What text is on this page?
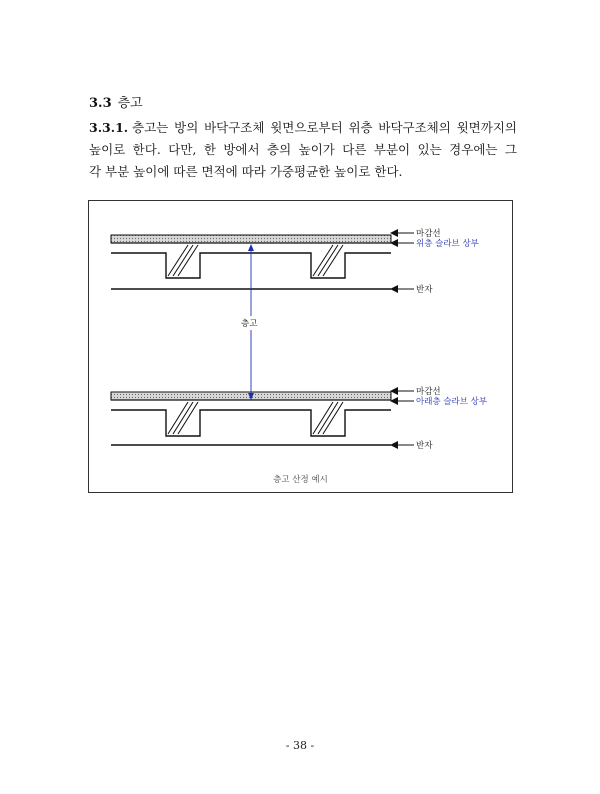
3.3 층고
3.3.1. 층고는 방의 바닥구조체 윗면으로부터 위층 바닥구조체의 윗면까지의
높이로 한다. 다만, 한 방에서 층의 높이가 다른 부분이 있는 경우에는 그
각 부분 높이에 따른 면적에 따라 가중평균한 높이로 한다.
마감선
위층 슬라브 상부
반자
층고
마감선
아래층 슬라브 상부
반자
층고 산정 예시
- 38 -
